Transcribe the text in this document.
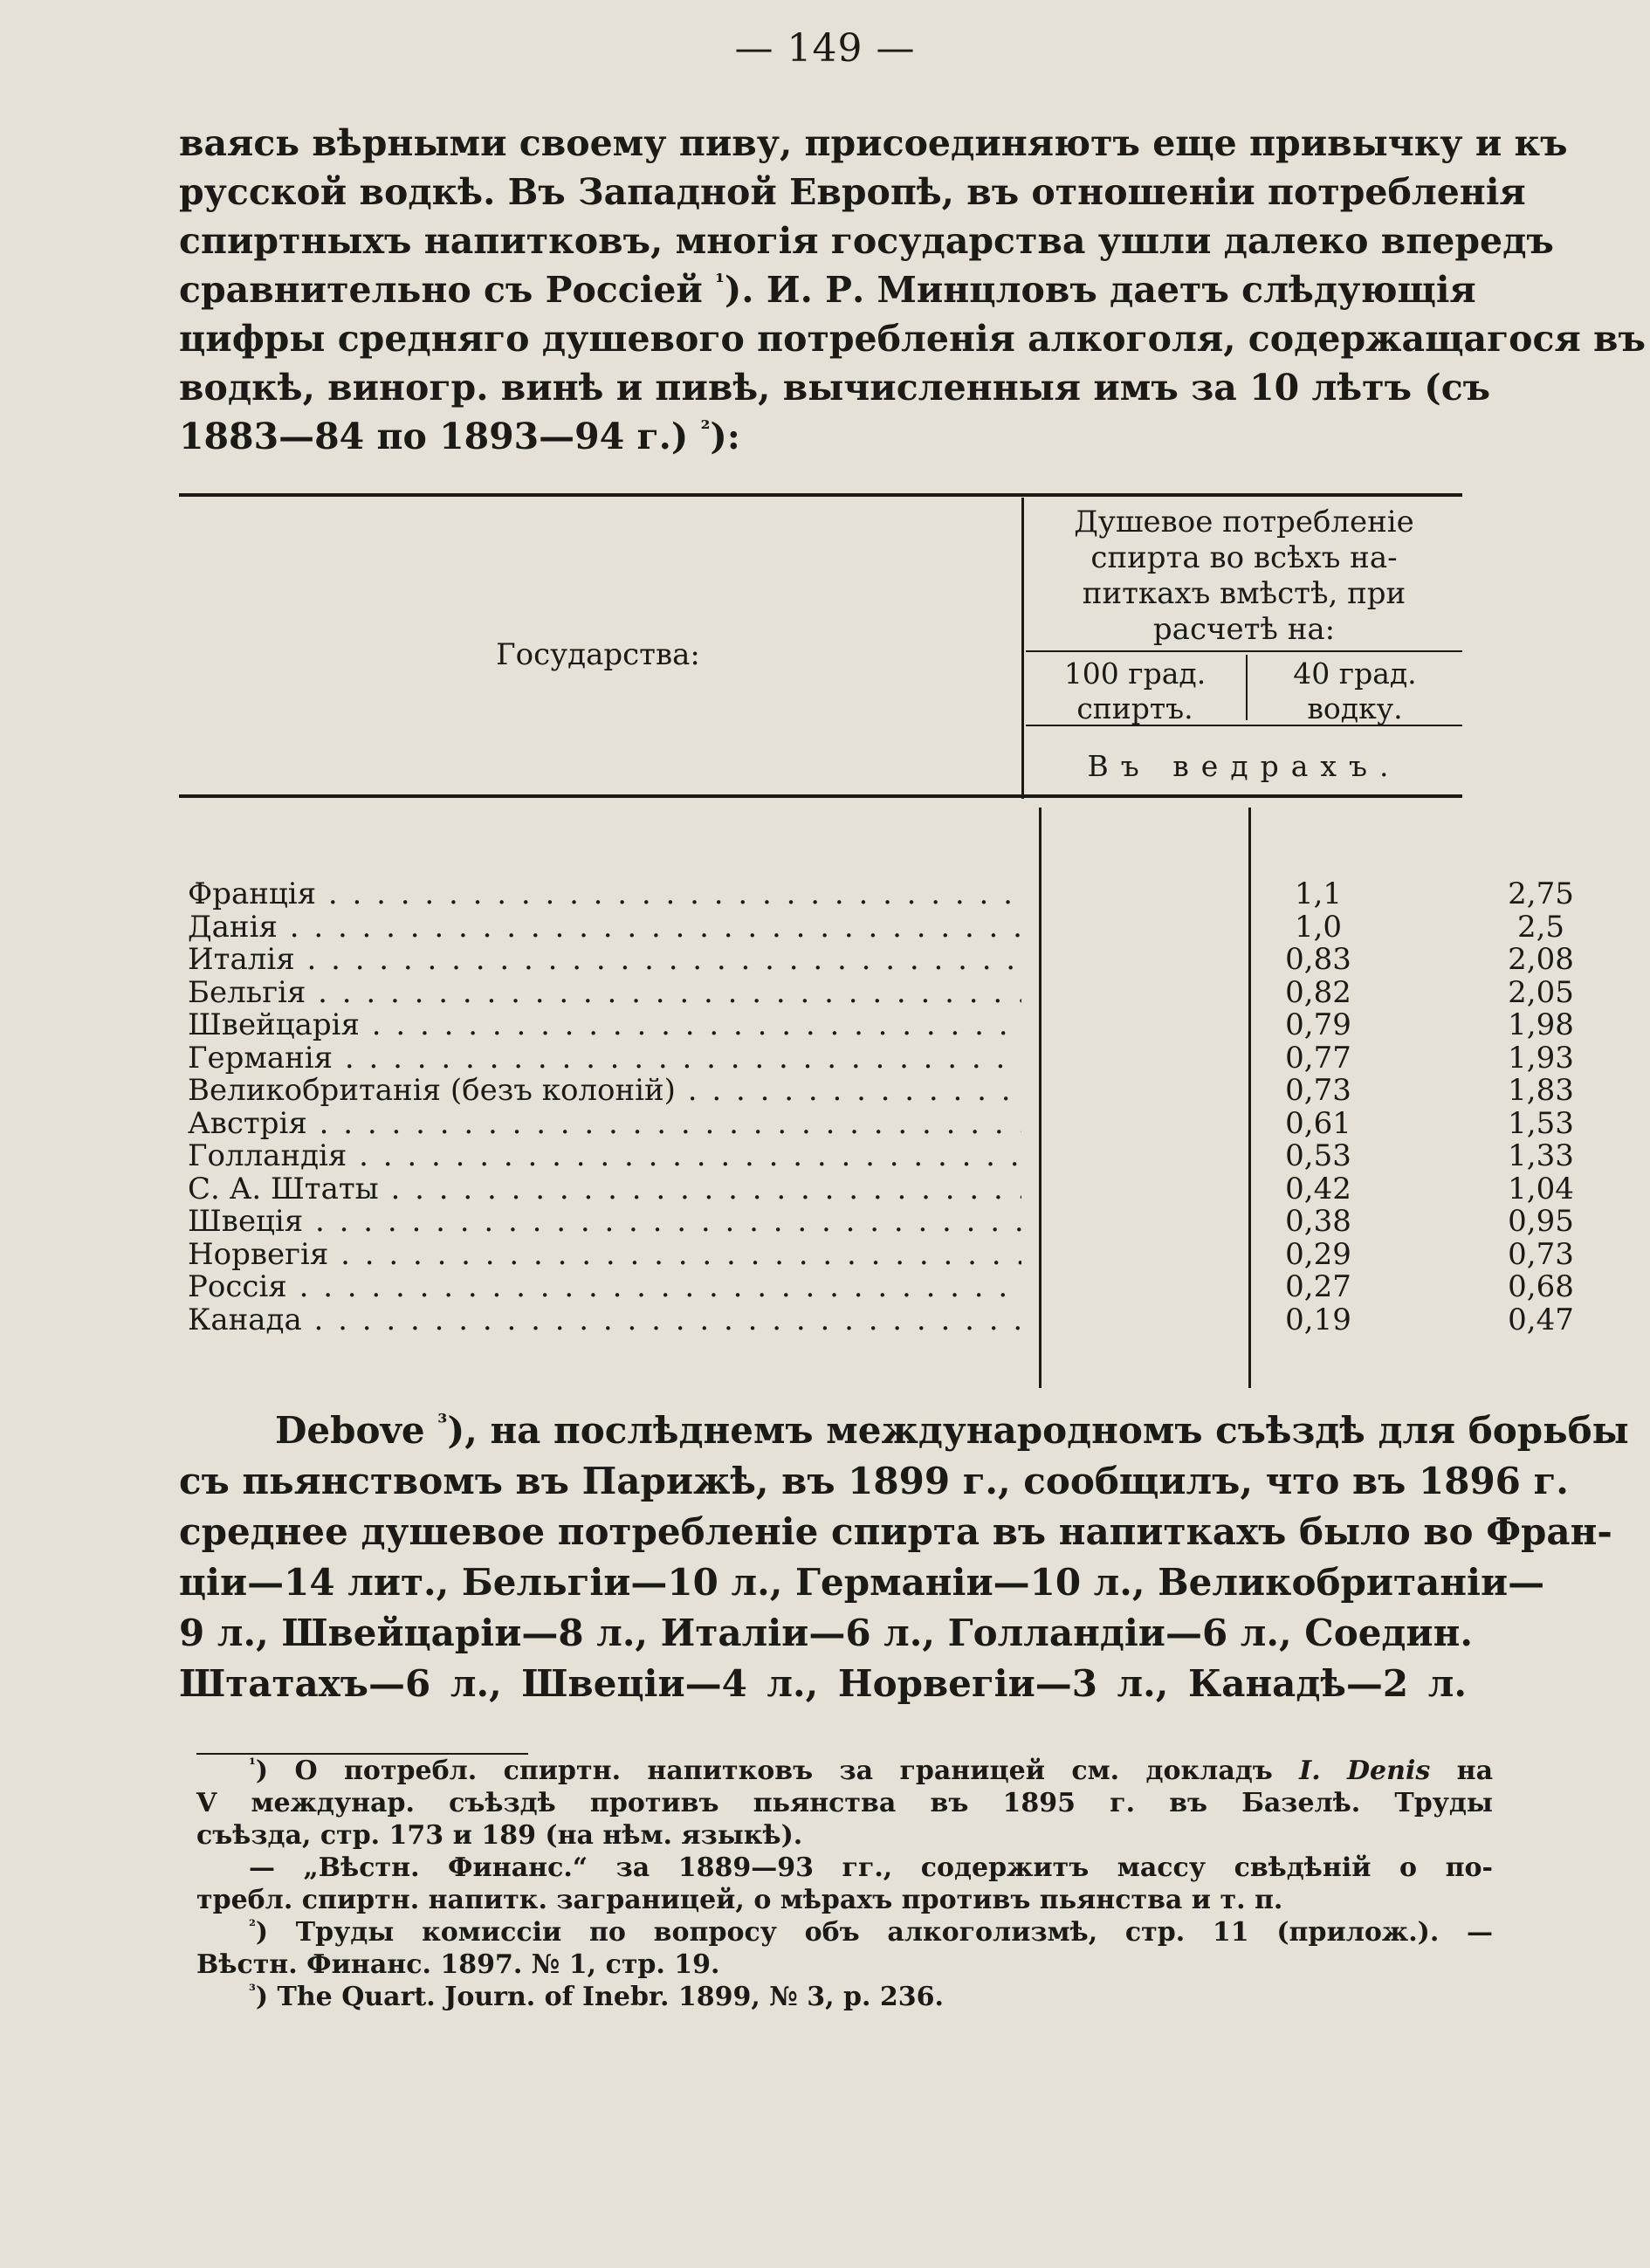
— 149 —
ваясь вѣрными своему пиву, присоединяютъ еще привычку и къ
русской водкѣ. Въ Западной Европѣ, въ отношеніи потребленія
спиртныхъ напитковъ, многія государства ушли далеко впередъ
сравнительно съ Россіей $^{^1}$). И. Р. Минцловъ даетъ слѣдующія
цифры средняго душевого потребленія алкоголя, содержащагося въ
водкѣ, виногр. винѣ и пивѣ, вычисленныя имъ за 10 лѣтъ (съ
1883—84 по 1893—94 г.) $^{^2}$):
Государства:
Душевое потребленіе
спирта во всѣхъ на-
питкахъ вмѣстѣ, при
расчетѣ на:
100 град.
спиртъ.
40 град.
водку.
Въ ведрахъ.
Франція . . .	1,1	2,75
Данія . . .	1,0	2,5
Италія . . .	0,83	2,08
Бельгія . . .	0,82	2,05
Швейцарія . . .	0,79	1,98
Германія . . .	0,77	1,93
Великобританія (безъ колоній) . . .	0,73	1,83
Австрія . . .	0,61	1,53
Голландія . . .	0,53	1,33
С. А. Штаты . . .	0,42	1,04
Швеція . . .	0,38	0,95
Норвегія . . .	0,29	0,73
Россія . . .	0,27	0,68
Канада . . .	0,19	0,47
Debove $^{^3}$), на послѣднемъ международномъ съѣздѣ для борьбы
съ пьянствомъ въ Парижѣ, въ 1899 г., сообщилъ, что въ 1896 г.
среднее душевое потребленіе спирта въ напиткахъ было во Фран-
ціи—14 лит., Бельгіи—10 л., Германіи—10 л., Великобританіи—
9 л., Швейцаріи—8 л., Италіи—6 л., Голландіи—6 л., Соедин.
Штатахъ—6 л., Швеціи—4 л., Норвегіи—3 л., Канадѣ—2 л.
$^{^1}$) О потребл. спиртн. напитковъ за границей см. докладъ I. Denis на
V междунар. съѣздѣ противъ пьянства въ 1895 г. въ Базелѣ. Труды
съѣзда, стр. 173 и 189 (на нѣм. языкѣ).
— „Вѣстн. Финанс.“ за 1889—93 гг., содержитъ массу свѣдѣній о по-
требл. спиртн. напитк. заграницей, о мѣрахъ противъ пьянства и т. п.
$^{^2}$) Труды комиссіи по вопросу объ алкоголизмѣ, стр. 11 (прилож.). —
Вѣстн. Финанс. 1897. № 1, стр. 19.
$^{^3}$) The Quart. Journ. of Inebr. 1899, № 3, p. 236.
